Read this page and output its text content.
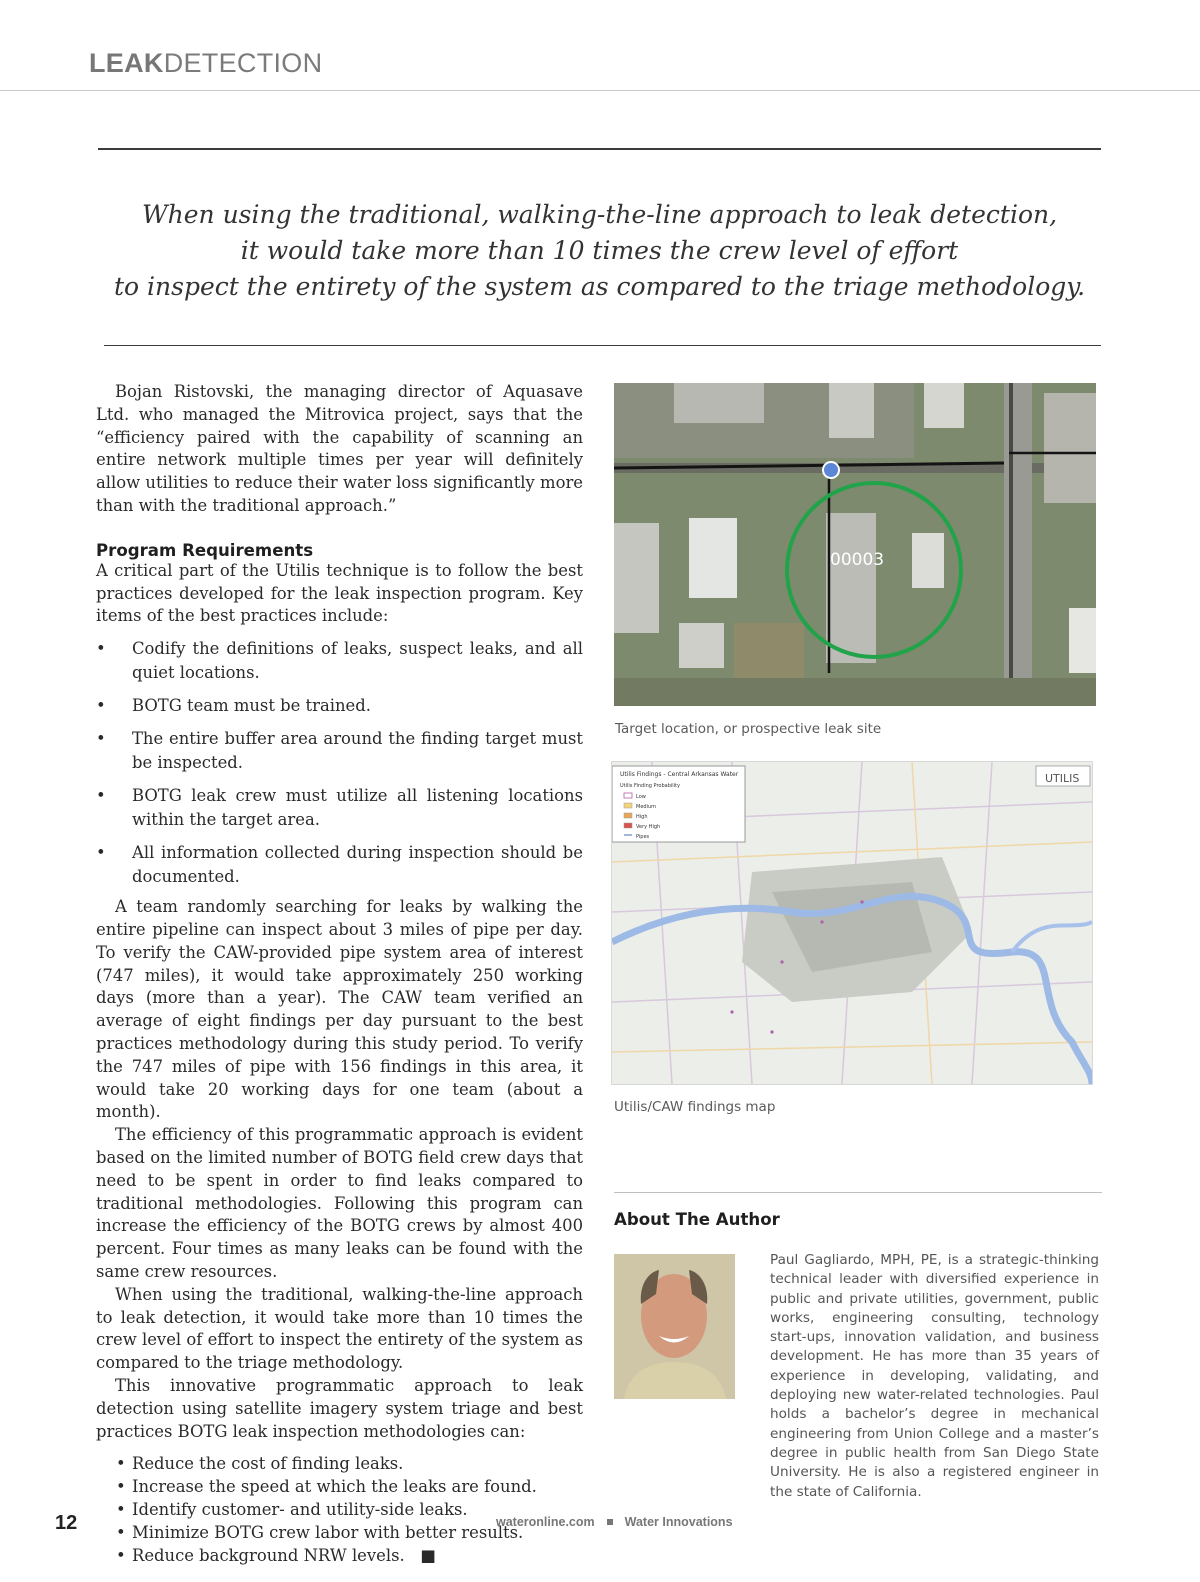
LEAKDETECTION
When using the traditional, walking-the-line approach to leak detection,
it would take more than 10 times the crew level of effort
to inspect the entirety of the system as compared to the triage methodology.

Bojan Ristovski, the managing director of Aquasave Ltd. who managed the Mitrovica project, says that the “efficiency paired with the capability of scanning an entire network multiple times per year will definitely allow utilities to reduce their water loss significantly more than with the traditional approach.”

Program Requirements

A critical part of the Utilis technique is to follow the best practices developed for the leak inspection program. Key items of the best practices include:

• Codify the definitions of leaks, suspect leaks, and all quiet locations.

• BOTG team must be trained.

• The entire buffer area around the finding target must be inspected.

• BOTG leak crew must utilize all listening locations within the target area.

• All information collected during inspection should be documented.

A team randomly searching for leaks by walking the entire pipeline can inspect about 3 miles of pipe per day. To verify the CAW-provided pipe system area of interest (747 miles), it would take approximately 250 working days (more than a year). The CAW team verified an average of eight findings per day pursuant to the best practices methodology during this study period. To verify the 747 miles of pipe with 156 findings in this area, it would take 20 working days for one team (about a month).

The efficiency of this programmatic approach is evident based on the limited number of BOTG field crew days that need to be spent in order to find leaks compared to traditional methodologies. Following this program can increase the efficiency of the BOTG crews by almost 400 percent. Four times as many leaks can be found with the same crew resources.

When using the traditional, walking-the-line approach to leak detection, it would take more than 10 times the crew level of effort to inspect the entirety of the system as compared to the triage methodology.

This innovative programmatic approach to leak detection using satellite imagery system triage and best practices BOTG leak inspection methodologies can:

• Reduce the cost of finding leaks.

• Increase the speed at which the leaks are found.

• Identify customer- and utility-side leaks.

• Minimize BOTG crew labor with better results.

• Reduce background NRW levels. ■

00003
Target location, or prospective leak site
Utilis Findings - Central Arkansas Water
Utilis Finding Probability
Low
Medium
High
Very High
Pipes
UTILIS
Utilis/CAW findings map
About The Author
Paul Gagliardo, MPH, PE, is a strategic-thinking technical leader with diversified experience in public and private utilities, government, public works, engineering consulting, technology start-ups, innovation validation, and business development. He has more than 35 years of experience in developing, validating, and deploying new water-related technologies. Paul holds a bachelor’s degree in mechanical engineering from Union College and a master’s degree in public health from San Diego State University. He is also a registered engineer in the state of California.
12	wateronline.com Water Innovations
